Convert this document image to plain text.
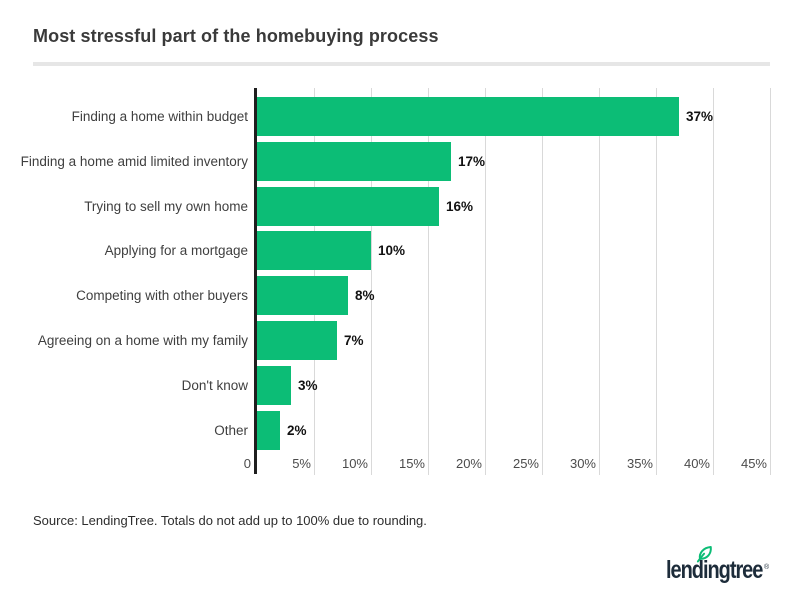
Most stressful part of the homebuying process
0	5%	10%	15%	20%	25%	30%	35%	40%	45%
Finding a home within budget	37%
Finding a home amid limited inventory	17%
Trying to sell my own home	16%
Applying for a mortgage	10%
Competing with other buyers	8%
Agreeing on a home with my family	7%
Don't know	3%
Other	2%

Source: LendingTree. Totals do not add up to 100% due to rounding.

lendingtree ®
